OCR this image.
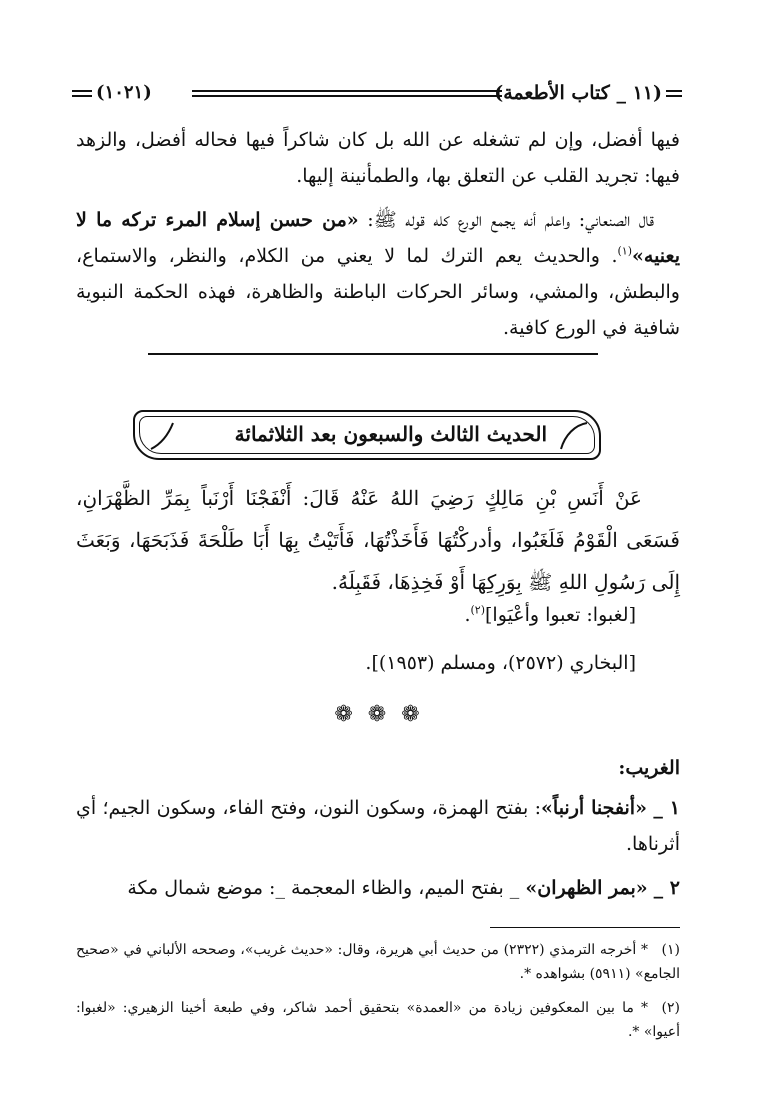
(١١ _ كتاب الأطعمة)
(١٠٢١)
فيها أفضل، وإن لم تشغله عن الله بل كان شاكراً فيها فحاله أفضل، والزهد فيها: تجريد القلب عن التعلق بها، والطمأنينة إليها.
قال الصنعاني: واعلم أنه يجمع الورع كله قوله ﷺ: «من حسن إسلام المرء تركه ما لا يعنيه»$^{(١)}$. والحديث يعم الترك لما لا يعني من الكلام، والنظر، والاستماع، والبطش، والمشي، وسائر الحركات الباطنة والظاهرة، فهذه الحكمة النبوية شافية في الورع كافية.
الحديث الثالث والسبعون بعد الثلاثمائة
عَنْ أَنَسِ بْنِ مَالِكٍ رَضِيَ اللهُ عَنْهُ قَالَ: أَنْفَجْنَا أَرْنَباً بِمَرِّ الظَّهْرَانِ، فَسَعَى الْقَوْمُ فَلَغَبُوا، وأدركْتُهَا فَأَخَذْتُهَا، فَأَتَيْتُ بِهَا أَبَا طَلْحَةَ فَذَبَحَهَا، وَبَعَثَ إِلَى رَسُولِ اللهِ ﷺ بِوَرِكِهَا أَوْ فَخِذِهَا، فَقَبِلَهُ.
[لغبوا: تعبوا وأعْيَوا]$^{(٢)}$.
[البخاري (٢٥٧٢)، ومسلم (١٩٥٣)].
❁ ❁ ❁
الغريب:
١ _ «أنفجنا أرنباً»: بفتح الهمزة، وسكون النون، وفتح الفاء، وسكون الجيم؛ أي أثرناها.
٢ _ «بمر الظهران» _ بفتح الميم، والظاء المعجمة _: موضع شمال مكة
(١)* أخرجه الترمذي (٢٣٢٢) من حديث أبي هريرة، وقال: «حديث غريب»، وصححه الألباني في «صحيح الجامع» (٥٩١١) بشواهده *.
(٢)* ما بين المعكوفين زيادة من «العمدة» بتحقيق أحمد شاكر، وفي طبعة أخينا الزهيري: «لغبوا: أعيوا» *.
